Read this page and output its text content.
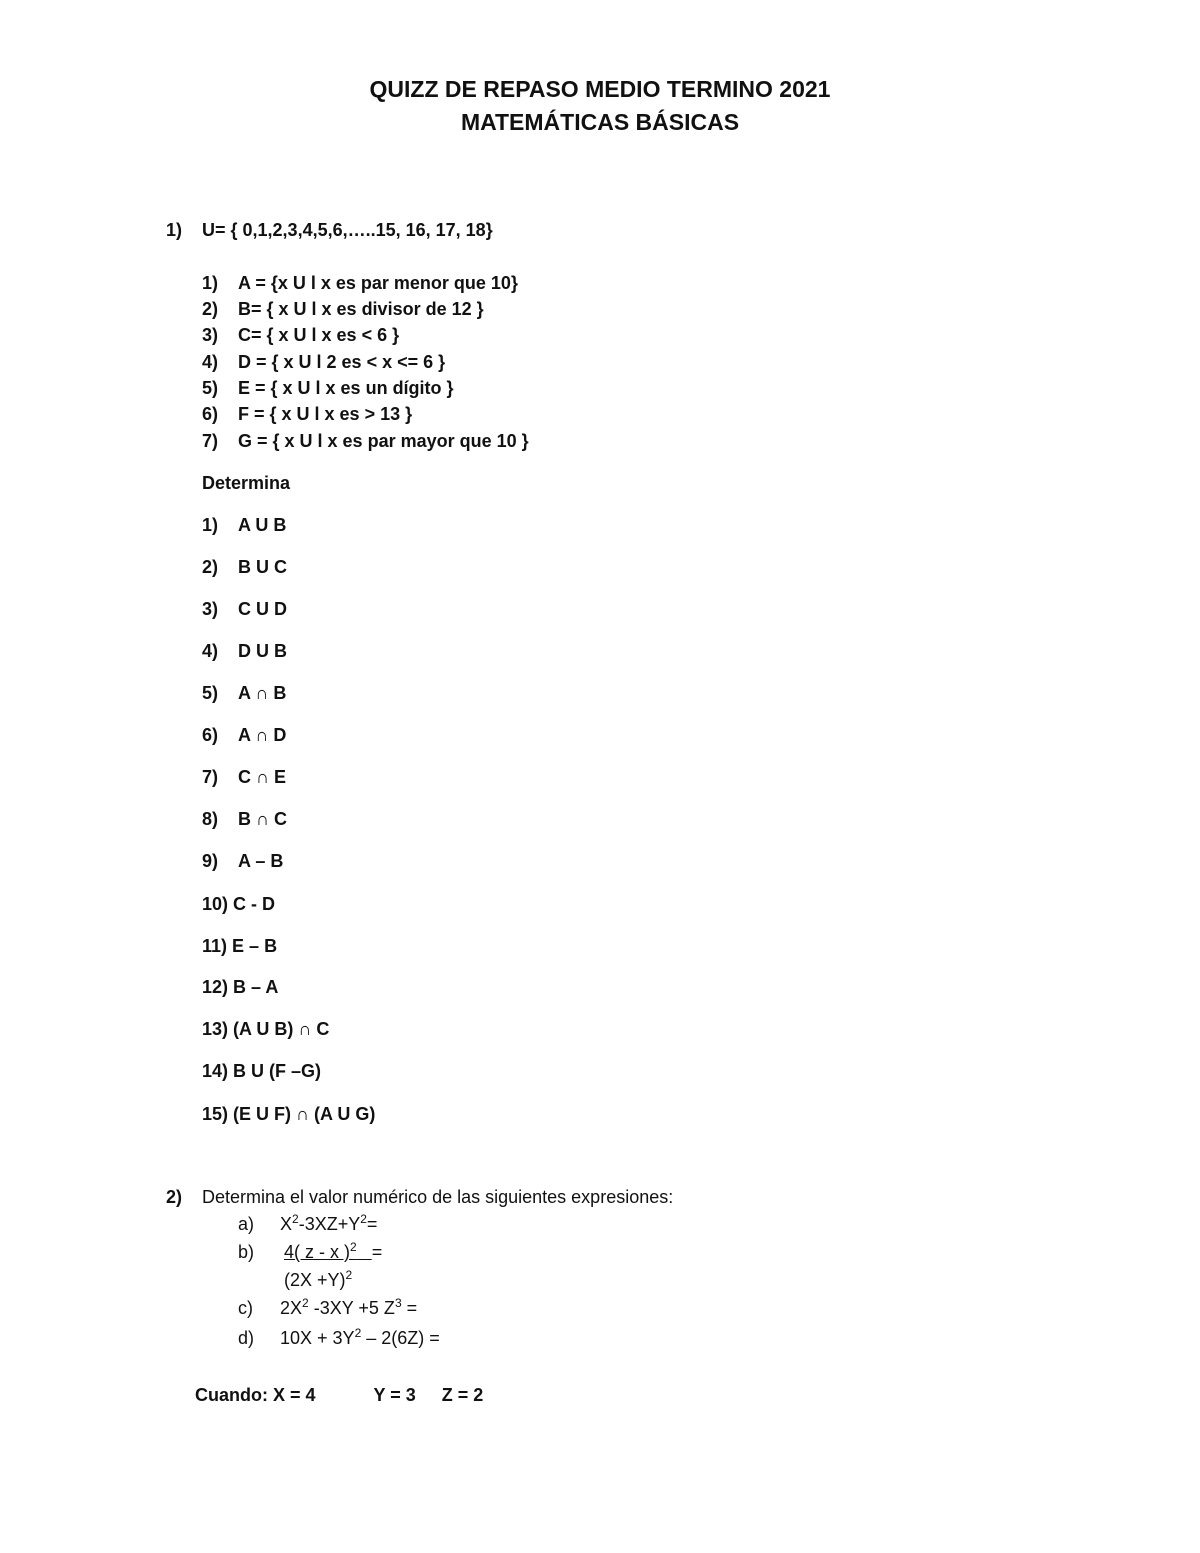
QUIZZ DE REPASO MEDIO TERMINO 2021
MATEMÁTICAS BÁSICAS
1) U= { 0,1,2,3,4,5,6,…..15, 16, 17, 18}
1) A = {x U l x es par menor que 10}
2) B= { x U l x es divisor de 12 }
3) C= { x U l x es < 6 }
4) D = { x U l 2 es < x <= 6 }
5) E = { x U l x es un dígito }
6) F = { x U l x es > 13 }
7) G = { x U l x es par mayor que 10 }
Determina
1) A U B
2) B U C
3) C U D
4) D U B
5) A ∩ B
6) A ∩ D
7) C ∩ E
8) B ∩ C
9) A – B
10) C - D
11) E – B
12) B – A
13) (A U B) ∩ C
14) B U (F –G)
15) (E U F) ∩ (A U G)
2) Determina el valor numérico de las siguientes expresiones:
a) $X^2-3XZ+Y^2=$
b) 4( z - x )$^2$ =
$(2X +Y)^2$
c) $2X^2$ -3XY +5 $Z^3$ =
d) $10X + 3Y^2 - 2(6Z)$ =
Cuando: X = 4	Y = 3 Z = 2
